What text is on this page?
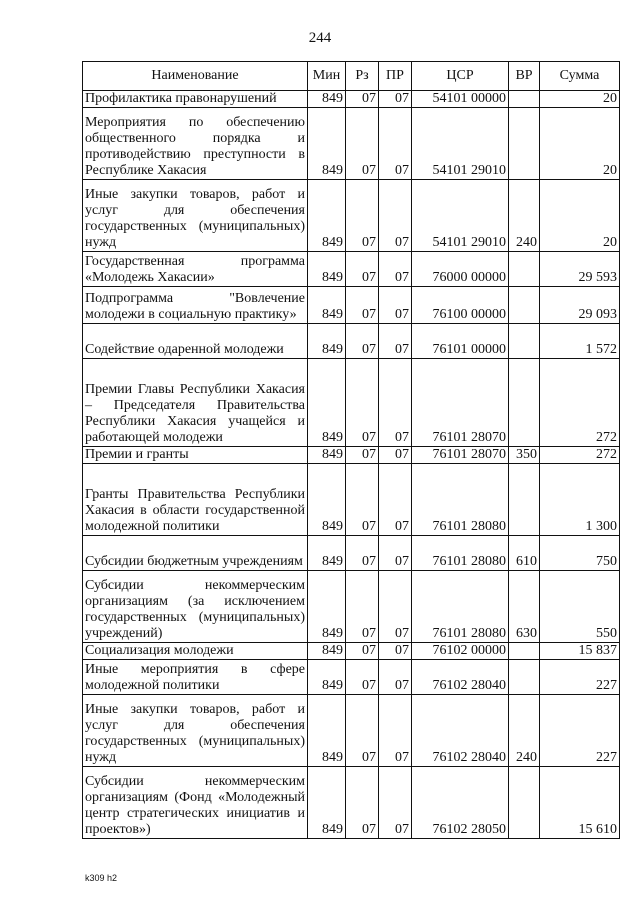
244
Наименование	Мин	Рз	ПР	ЦСР	ВР	Сумма
Профилактика правонарушений	849	07	07	54101 00000		20
Мероприятия по обеспечению общественного порядка и противодействию преступности в Республике Хакасия	849	07	07	54101 29010		20
Иные закупки товаров, работ и услуг для обеспечения государственных (муниципальных) нужд	849	07	07	54101 29010	240	20
Государственная программа «Молодежь Хакасии»	849	07	07	76000 00000		29 593
Подпрограмма "Вовлечение молодежи в социальную практику»	849	07	07	76100 00000		29 093
Содействие одаренной молодежи	849	07	07	76101 00000		1 572
Премии Главы Республики Хакасия – Председателя Правительства Республики Хакасия учащейся и работающей молодежи	849	07	07	76101 28070		272
Премии и гранты	849	07	07	76101 28070	350	272
Гранты Правительства Республики Хакасия в области государственной молодежной политики	849	07	07	76101 28080		1 300
Субсидии бюджетным учреждениям	849	07	07	76101 28080	610	750
Субсидии некоммерческим организациям (за исключением государственных (муниципальных) учреждений)	849	07	07	76101 28080	630	550
Социализация молодежи	849	07	07	76102 00000		15 837
Иные мероприятия в сфере молодежной политики	849	07	07	76102 28040		227
Иные закупки товаров, работ и услуг для обеспечения государственных (муниципальных) нужд	849	07	07	76102 28040	240	227
Субсидии некоммерческим организациям (Фонд «Молодежный центр стратегических инициатив и проектов»)	849	07	07	76102 28050		15 610
k309 h2
